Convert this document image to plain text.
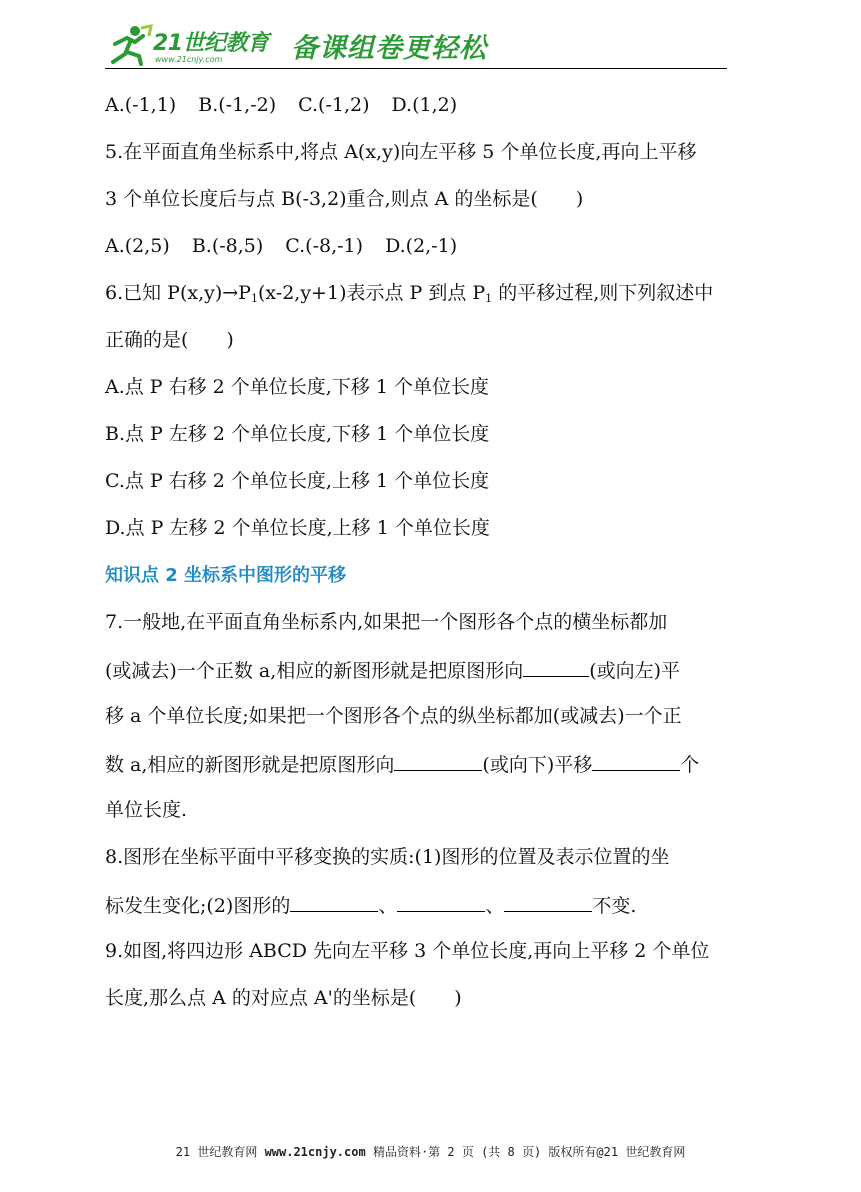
21世纪教育
www.21cnjy.com	备课组卷更轻松
A.(-1,1) B.(-1,-2) C.(-1,2) D.(1,2)
5.在平面直角坐标系中,将点 A(x,y)向左平移 5 个单位长度,再向上平移
3 个单位长度后与点 B(-3,2)重合,则点 A 的坐标是(　　)
A.(2,5) B.(-8,5) C.(-8,-1) D.(2,-1)
6.已知 $P(x,y)\to P_1(x-2,y+1)$表示点 P 到点 $P_1$ 的平移过程,则下列叙述中
正确的是(　　)
A.点 P 右移 2 个单位长度,下移 1 个单位长度
B.点 P 左移 2 个单位长度,下移 1 个单位长度
C.点 P 右移 2 个单位长度,上移 1 个单位长度
D.点 P 左移 2 个单位长度,上移 1 个单位长度
知识点 2 坐标系中图形的平移
7.一般地,在平面直角坐标系内,如果把一个图形各个点的横坐标都加
(或减去)一个正数 a,相应的新图形就是把原图形向	(或向左)平
移 a 个单位长度;如果把一个图形各个点的纵坐标都加(或减去)一个正
数 a,相应的新图形就是把原图形向	(或向下)平移	个
单位长度.
8.图形在坐标平面中平移变换的实质:(1)图形的位置及表示位置的坐
标发生变化;(2)图形的	、	、	不变.
9.如图,将四边形 ABCD 先向左平移 3 个单位长度,再向上平移 2 个单位
长度,那么点 A 的对应点 A'的坐标是(　　)
21 世纪教育网 www.21cnjy.com 精品资料·第 2 页 (共 8 页) 版权所有@21 世纪教育网
